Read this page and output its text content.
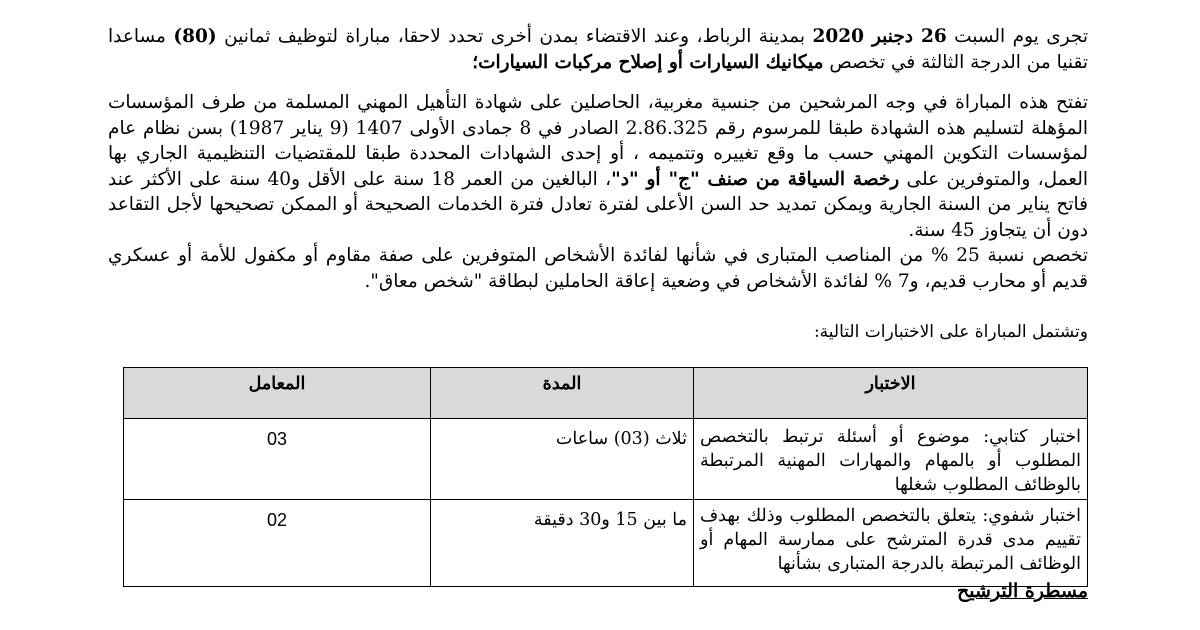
تجرى يوم السبت 26 دجنبر 2020 بمدينة الرباط، وعند الاقتضاء بمدن أخرى تحدد لاحقا، مباراة لتوظيف ثمانين (80) مساعدا تقنيا من الدرجة الثالثة في تخصص ميكانيك السيارات أو إصلاح مركبات السيارات؛

تفتح هذه المباراة في وجه المرشحين من جنسية مغربية، الحاصلين على شهادة التأهيل المهني المسلمة من طرف المؤسسات المؤهلة لتسليم هذه الشهادة طبقا للمرسوم رقم 2.86.325 الصادر في 8 جمادى الأولى 1407 (9 يناير 1987) بسن نظام عام لمؤسسات التكوين المهني حسب ما وقع تغييره وتتميمه ، أو إحدى الشهادات المحددة طبقا للمقتضيات التنظيمية الجاري بها العمل، والمتوفرين على رخصة السياقة من صنف "ج" أو "د"، البالغين من العمر 18 سنة على الأقل و40 سنة على الأكثر عند فاتح يناير من السنة الجارية ويمكن تمديد حد السن الأعلى لفترة تعادل فترة الخدمات الصحيحة أو الممكن تصحيحها لأجل التقاعد دون أن يتجاوز 45 سنة.

تخصص نسبة 25 % من المناصب المتبارى في شأنها لفائدة الأشخاص المتوفرين على صفة مقاوم أو مكفول للأمة أو عسكري قديم أو محارب قديم، و7 % لفائدة الأشخاص في وضعية إعاقة الحاملين لبطاقة "شخص معاق".

وتشتمل المباراة على الاختبارات التالية:
الاختبار	المدة	المعامل
اختبار كتابي: موضوع أو أسئلة ترتبط بالتخصص المطلوب أو بالمهام والمهارات المهنية المرتبطة بالوظائف المطلوب شغلها	ثلاث (03) ساعات	03
اختبار شفوي: يتعلق بالتخصص المطلوب وذلك بهدف تقييم مدى قدرة المترشح على ممارسة المهام أو الوظائف المرتبطة بالدرجة المتبارى بشأنها	ما بين 15 و30 دقيقة	02
مسطرة الترشيح
